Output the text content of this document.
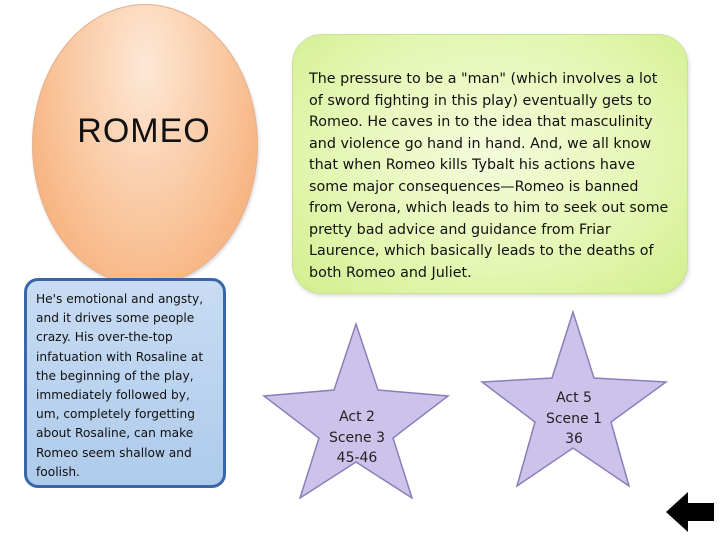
ROMEO
He's emotional and angsty, and it drives some people crazy. His over-the-top infatuation with Rosaline at the beginning of the play, immediately followed by, um, completely forgetting about Rosaline, can make Romeo seem shallow and foolish.
The pressure to be a "man" (which involves a lot of sword fighting in this play) eventually gets to Romeo. He caves in to the idea that masculinity and violence go hand in hand. And, we all know that when Romeo kills Tybalt his actions have some major consequences—Romeo is banned from Verona, which leads to him to seek out some pretty bad advice and guidance from Friar Laurence, which basically leads to the deaths of both Romeo and Juliet.
Act 2
Scene 3
45-46
Act 5
Scene 1
36
